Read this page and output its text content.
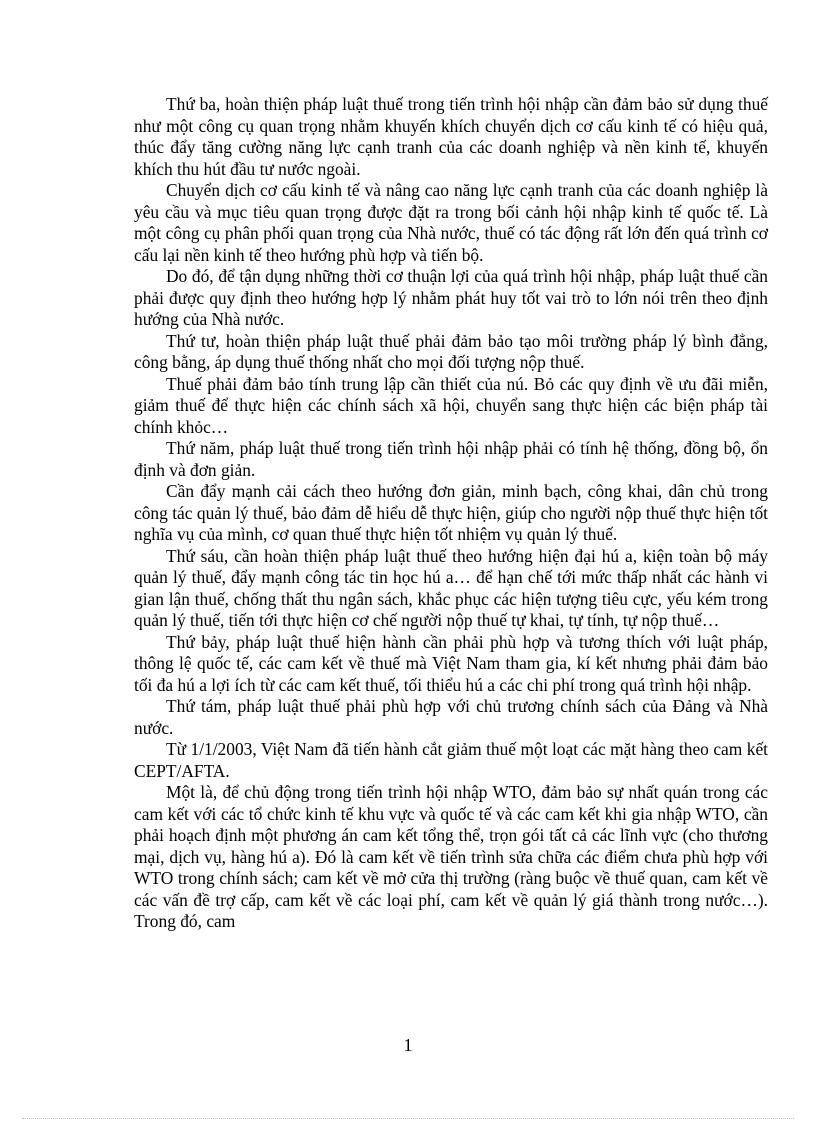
Thứ ba, hoàn thiện pháp luật thuế trong tiến trình hội nhập cần đảm bảo sử dụng thuế như một công cụ quan trọng nhằm khuyến khích chuyển dịch cơ cấu kinh tế có hiệu quả, thúc đẩy tăng cường năng lực cạnh tranh của các doanh nghiệp và nền kinh tế, khuyến khích thu hút đầu tư nước ngoài.

Chuyển dịch cơ cấu kinh tế và nâng cao năng lực cạnh tranh của các doanh nghiệp là yêu cầu và mục tiêu quan trọng được đặt ra trong bối cảnh hội nhập kinh tế quốc tế. Là một công cụ phân phối quan trọng của Nhà nước, thuế có tác động rất lớn đến quá trình cơ cấu lại nền kinh tế theo hướng phù hợp và tiến bộ.

Do đó, để tận dụng những thời cơ thuận lợi của quá trình hội nhập, pháp luật thuế cần phải được quy định theo hướng hợp lý nhằm phát huy tốt vai trò to lớn nói trên theo định hướng của Nhà nước.

Thứ tư, hoàn thiện pháp luật thuế phải đảm bảo tạo môi trường pháp lý bình đẳng, công bằng, áp dụng thuế thống nhất cho mọi đối tượng nộp thuế.

Thuế phải đảm bảo tính trung lập cần thiết của nú. Bỏ các quy định về ưu đãi miễn, giảm thuế để thực hiện các chính sách xã hội, chuyển sang thực hiện các biện pháp tài chính khỏc…

Thứ năm, pháp luật thuế trong tiến trình hội nhập phải có tính hệ thống, đồng bộ, ổn định và đơn giản.

Cần đẩy mạnh cải cách theo hướng đơn giản, minh bạch, công khai, dân chủ trong công tác quản lý thuế, bảo đảm dễ hiểu dễ thực hiện, giúp cho người nộp thuế thực hiện tốt nghĩa vụ của mình, cơ quan thuế thực hiện tốt nhiệm vụ quản lý thuế.

Thứ sáu, cần hoàn thiện pháp luật thuế theo hướng hiện đại hú a, kiện toàn bộ máy quản lý thuế, đẩy mạnh công tác tin học hú a… để hạn chế tới mức thấp nhất các hành vi gian lận thuế, chống thất thu ngân sách, khắc phục các hiện tượng tiêu cực, yếu kém trong quản lý thuế, tiến tới thực hiện cơ chế người nộp thuế tự khai, tự tính, tự nộp thuế…

Thứ bảy, pháp luật thuế hiện hành cần phải phù hợp và tương thích với luật pháp, thông lệ quốc tế, các cam kết về thuế mà Việt Nam tham gia, kí kết nhưng phải đảm bảo tối đa hú a lợi ích từ các cam kết thuế, tối thiểu hú a các chi phí trong quá trình hội nhập.

Thứ tám, pháp luật thuế phải phù hợp với chủ trương chính sách của Đảng và Nhà nước.

Từ 1/1/2003, Việt Nam đã tiến hành cắt giảm thuế một loạt các mặt hàng theo cam kết CEPT/AFTA.

Một là, để chủ động trong tiến trình hội nhập WTO, đảm bảo sự nhất quán trong các cam kết với các tổ chức kinh tế khu vực và quốc tế và các cam kết khi gia nhập WTO, cần phải hoạch định một phương án cam kết tổng thể, trọn gói tất cả các lĩnh vực (cho thương mại, dịch vụ, hàng hú a). Đó là cam kết về tiến trình sửa chữa các điểm chưa phù hợp với WTO trong chính sách; cam kết về mở cửa thị trường (ràng buộc về thuế quan, cam kết về các vấn đề trợ cấp, cam kết về các loại phí, cam kết về quản lý giá thành trong nước…). Trong đó, cam

1
